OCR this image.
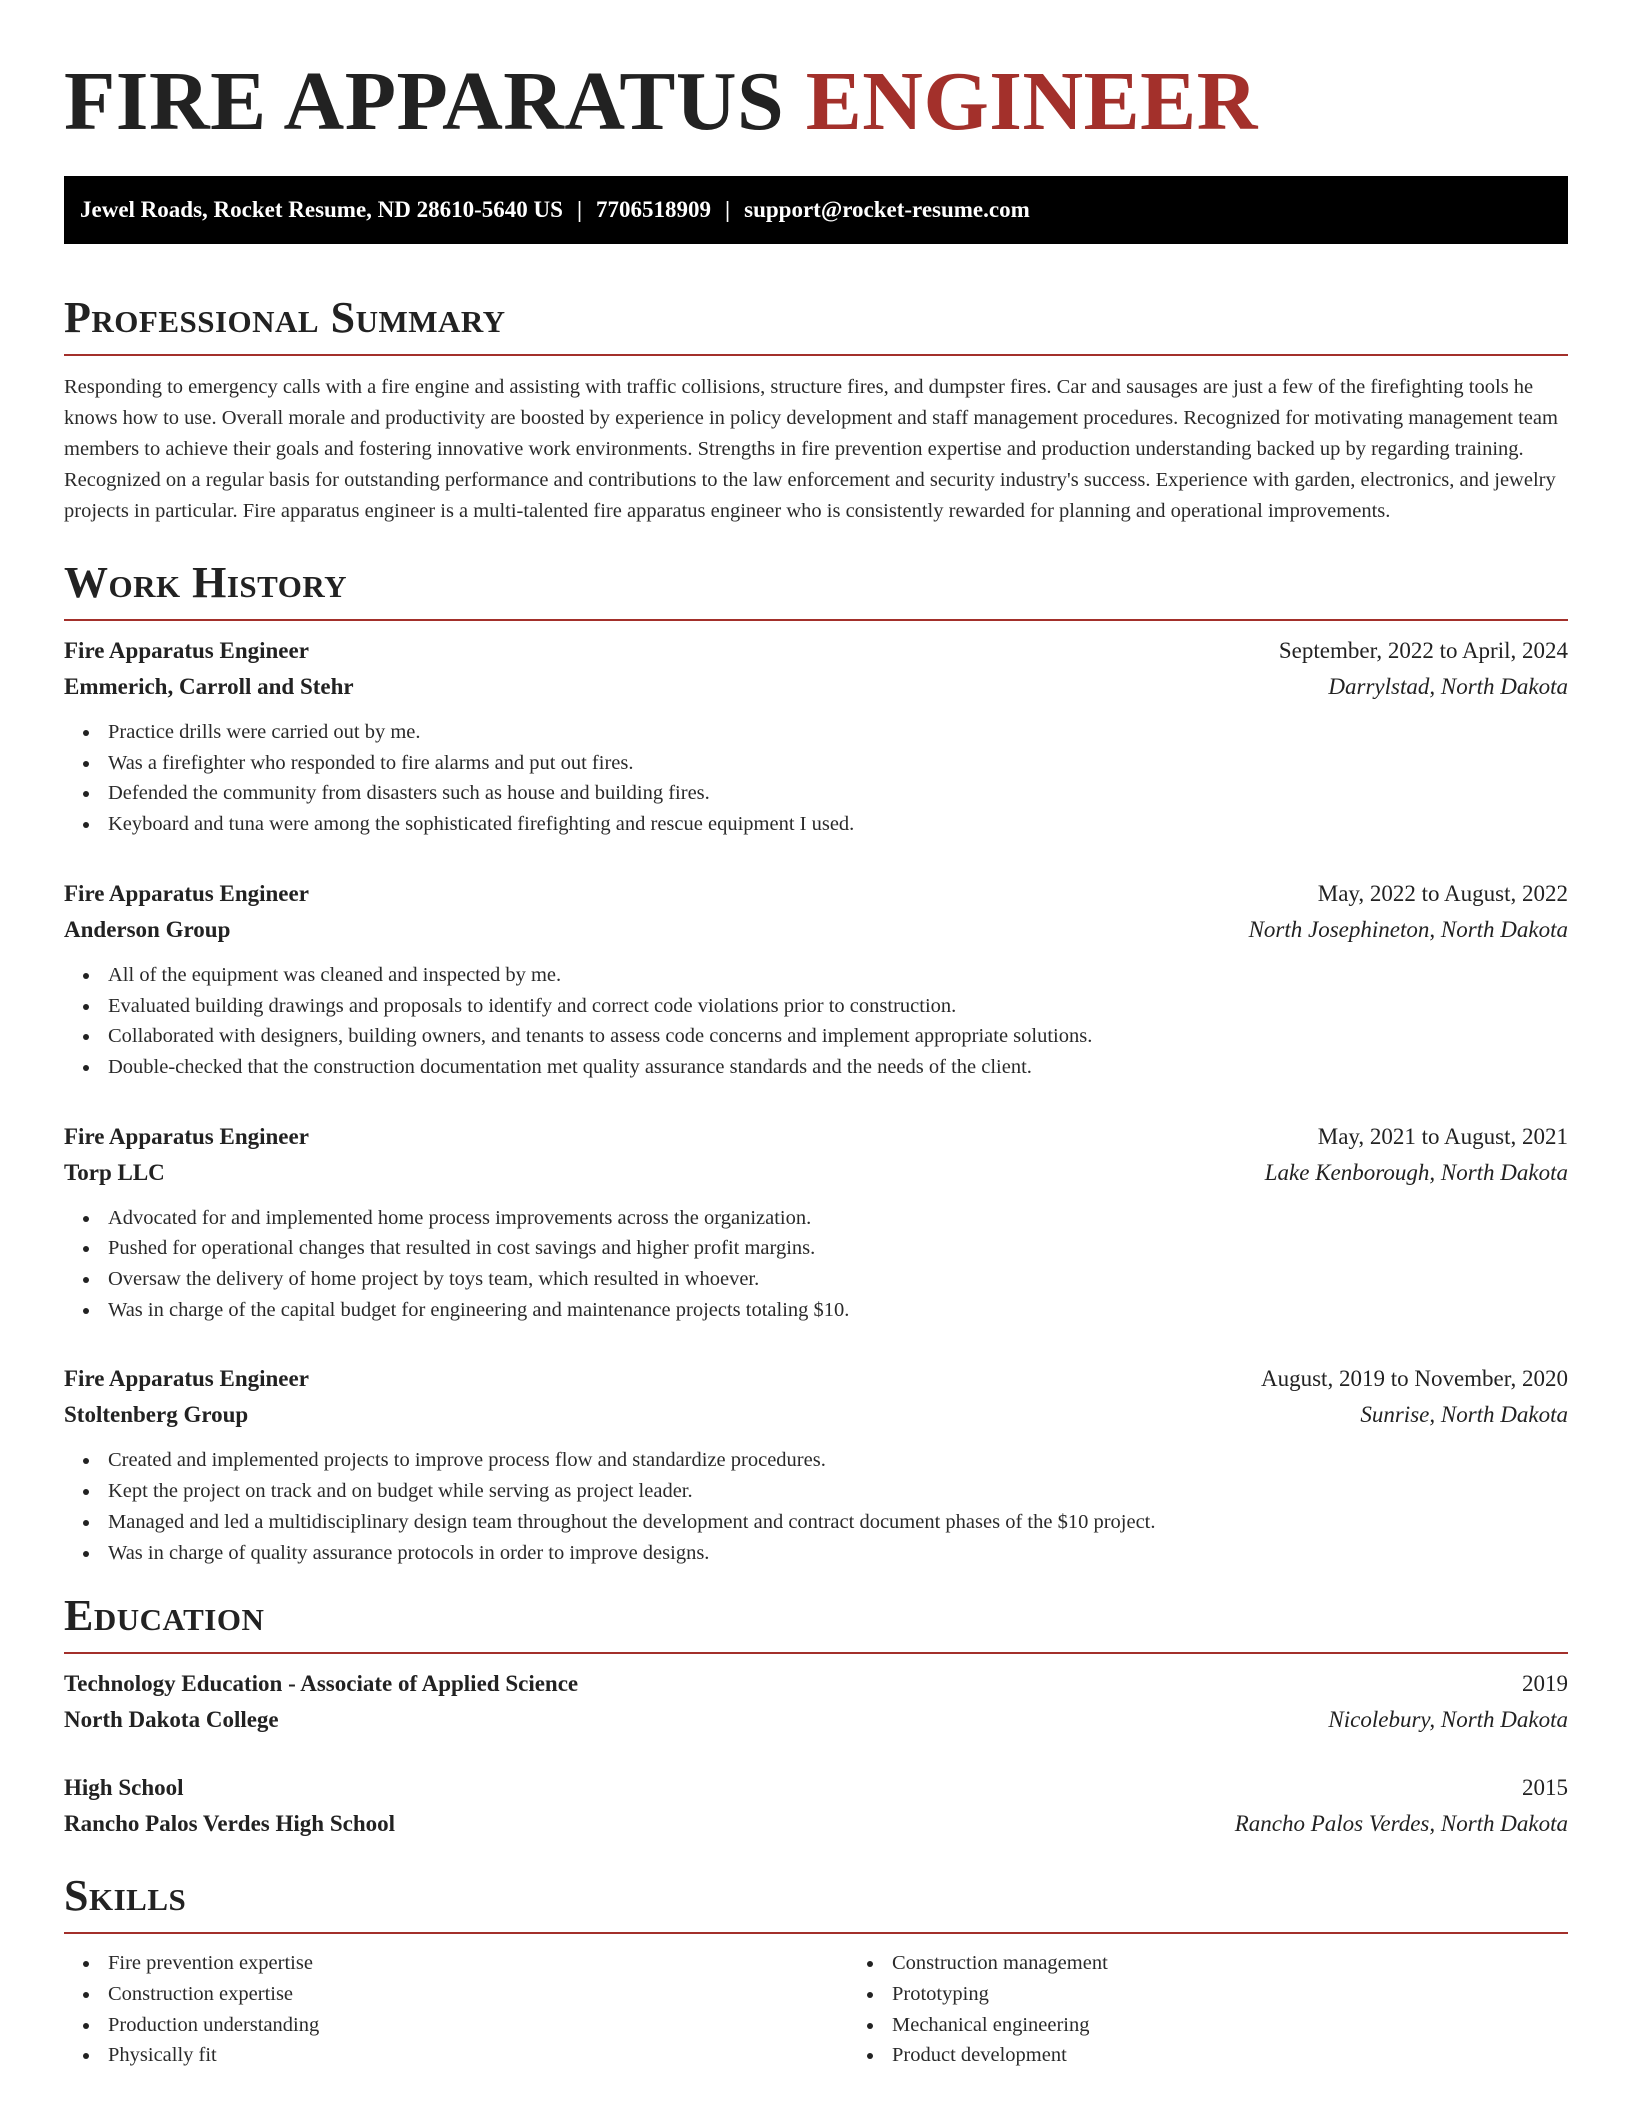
FIRE APPARATUS ENGINEER
Jewel Roads, Rocket Resume, ND 28610-5640 US | 7706518909 | support@rocket-resume.com
Professional Summary

Responding to emergency calls with a fire engine and assisting with traffic collisions, structure fires, and dumpster fires. Car and sausages are just a few of the firefighting tools he knows how to use. Overall morale and productivity are boosted by experience in policy development and staff management procedures. Recognized for motivating management team members to achieve their goals and fostering innovative work environments. Strengths in fire prevention expertise and production understanding backed up by regarding training. Recognized on a regular basis for outstanding performance and contributions to the law enforcement and security industry's success. Experience with garden, electronics, and jewelry projects in particular. Fire apparatus engineer is a multi-talented fire apparatus engineer who is consistently rewarded for planning and operational improvements.

Work History
Fire Apparatus Engineer	September, 2022 to April, 2024
Emmerich, Carroll and Stehr	Darrylstad, North Dakota
Practice drills were carried out by me.
Was a firefighter who responded to fire alarms and put out fires.
Defended the community from disasters such as house and building fires.
Keyboard and tuna were among the sophisticated firefighting and rescue equipment I used.
Fire Apparatus Engineer	May, 2022 to August, 2022
Anderson Group	North Josephineton, North Dakota
All of the equipment was cleaned and inspected by me.
Evaluated building drawings and proposals to identify and correct code violations prior to construction.
Collaborated with designers, building owners, and tenants to assess code concerns and implement appropriate solutions.
Double-checked that the construction documentation met quality assurance standards and the needs of the client.
Fire Apparatus Engineer	May, 2021 to August, 2021
Torp LLC	Lake Kenborough, North Dakota
Advocated for and implemented home process improvements across the organization.
Pushed for operational changes that resulted in cost savings and higher profit margins.
Oversaw the delivery of home project by toys team, which resulted in whoever.
Was in charge of the capital budget for engineering and maintenance projects totaling $10.
Fire Apparatus Engineer	August, 2019 to November, 2020
Stoltenberg Group	Sunrise, North Dakota
Created and implemented projects to improve process flow and standardize procedures.
Kept the project on track and on budget while serving as project leader.
Managed and led a multidisciplinary design team throughout the development and contract document phases of the $10 project.
Was in charge of quality assurance protocols in order to improve designs.
Education
Technology Education - Associate of Applied Science	2019
North Dakota College	Nicolebury, North Dakota
High School	2015
Rancho Palos Verdes High School	Rancho Palos Verdes, North Dakota
Skills
Fire prevention expertise
Construction expertise
Production understanding
Physically fit
Construction management
Prototyping
Mechanical engineering
Product development
